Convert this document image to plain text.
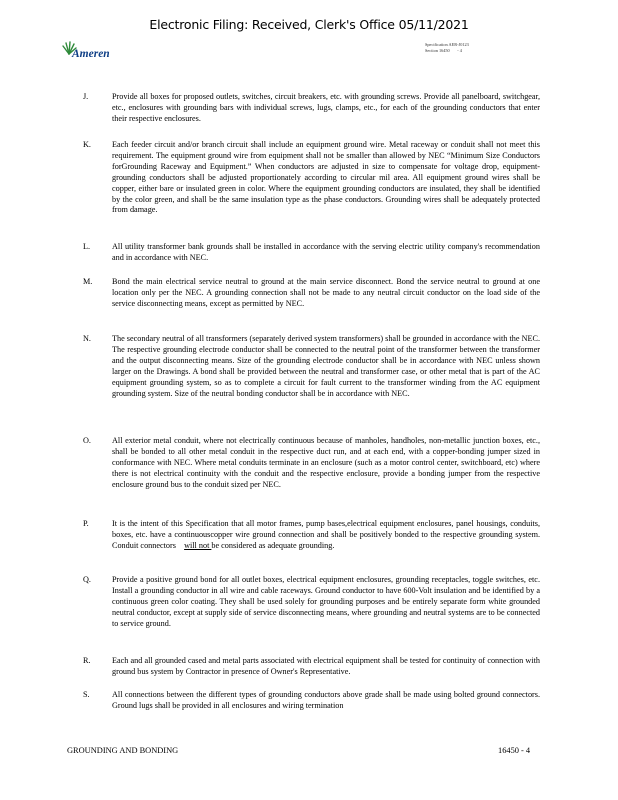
Electronic Filing: Received, Clerk's Office 05/11/2021
Ameren
Specification AER-J0123
Section 16450 - 4
J.	Provide all boxes for proposed outlets, switches, circuit breakers, etc. with grounding screws. Provide all panelboard, switchgear, etc., enclosures with grounding bars with individual screws, lugs, clamps, etc., for each of the grounding conductors that enter their respective enclosures.
K.	Each feeder circuit and/or branch circuit shall include an equipment ground wire. Metal raceway or conduit shall not meet this requirement. The equipment ground wire from equipment shall not be smaller than allowed by NEC “Minimum Size Conductors forGrounding Raceway and Equipment.” When conductors are adjusted in size to compensate for voltage drop, equipment-grounding conductors shall be adjusted proportionately according to circular mil area. All equipment ground wires shall be copper, either bare or insulated green in color. Where the equipment grounding conductors are insulated, they shall be identified by the color green, and shall be the same insulation type as the phase conductors. Grounding wires shall be adequately protected from damage.
L.	All utility transformer bank grounds shall be installed in accordance with the serving electric utility company's recommendation and in accordance with NEC.
M.	Bond the main electrical service neutral to ground at the main service disconnect. Bond the service neutral to ground at one location only per the NEC. A grounding connection shall not be made to any neutral circuit conductor on the load side of the service disconnecting means, except as permitted by NEC.
N.	The secondary neutral of all transformers (separately derived system transformers) shall be grounded in accordance with the NEC. The respective grounding electrode conductor shall be connected to the neutral point of the transformer between the transformer and the output disconnecting means. Size of the grounding electrode conductor shall be in accordance with NEC unless shown larger on the Drawings. A bond shall be provided between the neutral and transformer case, or other metal that is part of the AC equipment grounding system, so as to complete a circuit for fault current to the transformer winding from the AC equipment grounding system. Size of the neutral bonding conductor shall be in accordance with NEC.
O.	All exterior metal conduit, where not electrically continuous because of manholes, handholes, non-metallic junction boxes, etc., shall be bonded to all other metal conduit in the respective duct run, and at each end, with a copper-bonding jumper sized in conformance with NEC. Where metal conduits terminate in an enclosure (such as a motor control center, switchboard, etc) where there is not electrical continuity with the conduit and the respective enclosure, provide a bonding jumper from the respective enclosure ground bus to the conduit sized per NEC.
P.	It is the intent of this Specification that all motor frames, pump bases,electrical equipment enclosures, panel housings, conduits, boxes, etc. have a continuouscopper wire ground connection and shall be positively bonded to the respective grounding system.  Conduit connectors    will not be considered as adequate grounding.
Q.	Provide a positive ground bond for all outlet boxes, electrical equipment enclosures, grounding receptacles, toggle switches, etc. Install a grounding conductor in all wire and cable raceways. Ground conductor to have 600-Volt insulation and be identified by a continuous green color coating. They shall be used solely for grounding purposes and be entirely separate form white grounded neutral conductor, except at supply side of service disconnecting means, where grounding and neutral systems are to be connected to service ground.
R.	Each and all grounded cased and metal parts associated with electrical equipment shall be tested for continuity of connection with ground bus system by Contractor in presence of Owner's Representative.
S.	All connections between the different types of grounding conductors above grade shall be made using bolted ground connectors. Ground lugs shall be provided in all enclosures and wiring termination
GROUNDING AND BONDING	16450 - 4
